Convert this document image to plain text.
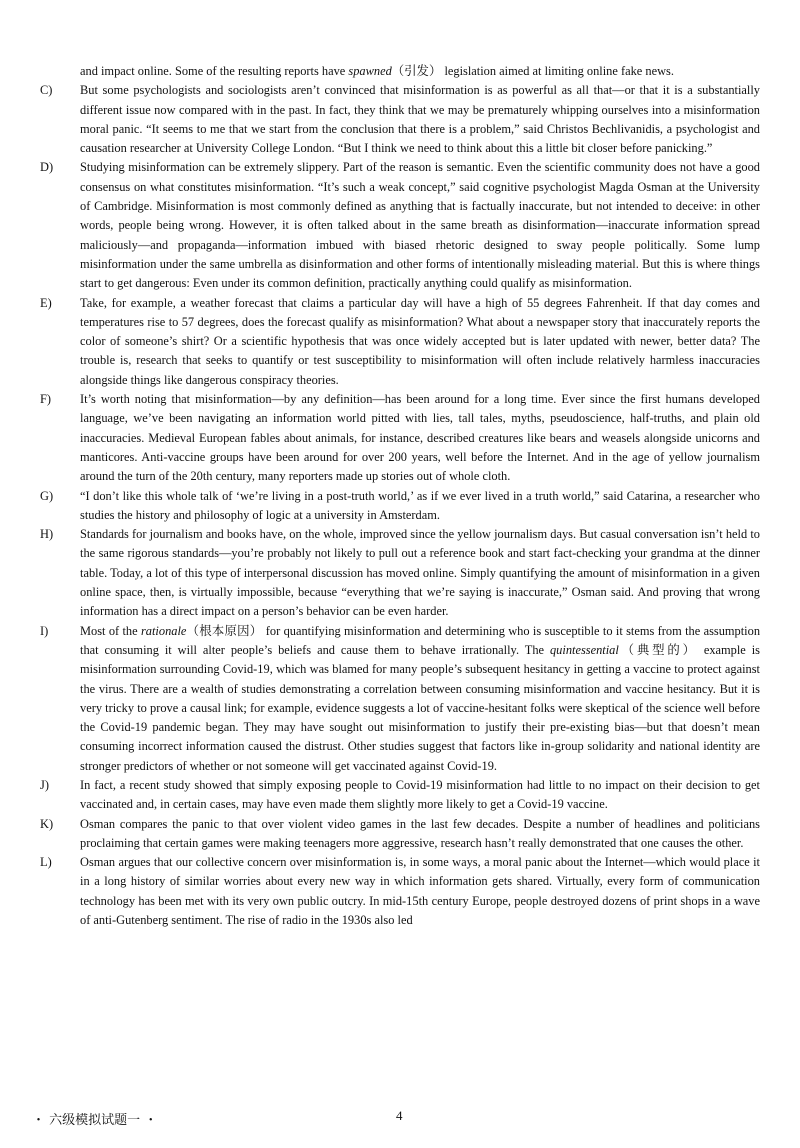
and impact online. Some of the resulting reports have spawned（引发） legislation aimed at limiting online fake news.

C)	But some psychologists and sociologists aren’t convinced that misinformation is as powerful as all that—or that it is a substantially different issue now compared with in the past. In fact, they think that we may be prematurely whipping ourselves into a misinformation moral panic. “It seems to me that we start from the conclusion that there is a problem,” said Christos Bechlivanidis, a psychologist and causation researcher at University College London. “But I think we need to think about this a little bit closer before panicking.”
D)	Studying misinformation can be extremely slippery. Part of the reason is semantic. Even the scientific community does not have a good consensus on what constitutes misinformation. “It’s such a weak concept,” said cognitive psychologist Magda Osman at the University of Cambridge. Misinformation is most commonly defined as anything that is factually inaccurate, but not intended to deceive: in other words, people being wrong. However, it is often talked about in the same breath as disinformation—inaccurate information spread maliciously—and propaganda—information imbued with biased rhetoric designed to sway people politically. Some lump misinformation under the same umbrella as disinformation and other forms of intentionally misleading material. But this is where things start to get dangerous: Even under its common definition, practically anything could qualify as misinformation.
E)	Take, for example, a weather forecast that claims a particular day will have a high of 55 degrees Fahrenheit. If that day comes and temperatures rise to 57 degrees, does the forecast qualify as misinformation? What about a newspaper story that inaccurately reports the color of someone’s shirt? Or a scientific hypothesis that was once widely accepted but is later updated with newer, better data? The trouble is, research that seeks to quantify or test susceptibility to misinformation will often include relatively harmless inaccuracies alongside things like dangerous conspiracy theories.
F)	It’s worth noting that misinformation—by any definition—has been around for a long time. Ever since the first humans developed language, we’ve been navigating an information world pitted with lies, tall tales, myths, pseudoscience, half-truths, and plain old inaccuracies. Medieval European fables about animals, for instance, described creatures like bears and weasels alongside unicorns and manticores. Anti-vaccine groups have been around for over 200 years, well before the Internet. And in the age of yellow journalism around the turn of the 20th century, many reporters made up stories out of whole cloth.
G)	“I don’t like this whole talk of ‘we’re living in a post-truth world,’ as if we ever lived in a truth world,” said Catarina, a researcher who studies the history and philosophy of logic at a university in Amsterdam.
H)	Standards for journalism and books have, on the whole, improved since the yellow journalism days. But casual conversation isn’t held to the same rigorous standards—you’re probably not likely to pull out a reference book and start fact-checking your grandma at the dinner table. Today, a lot of this type of interpersonal discussion has moved online. Simply quantifying the amount of misinformation in a given online space, then, is virtually impossible, because “everything that we’re saying is inaccurate,” Osman said. And proving that wrong information has a direct impact on a person’s behavior can be even harder.
I)	Most of the rationale（根本原因） for quantifying misinformation and determining who is susceptible to it stems from the assumption that consuming it will alter people’s beliefs and cause them to behave irrationally. The quintessential（典型的） example is misinformation surrounding Covid-19, which was blamed for many people’s subsequent hesitancy in getting a vaccine to protect against the virus. There are a wealth of studies demonstrating a correlation between consuming misinformation and vaccine hesitancy. But it is very tricky to prove a causal link; for example, evidence suggests a lot of vaccine-hesitant folks were skeptical of the science well before the Covid-19 pandemic began. They may have sought out misinformation to justify their pre-existing bias—but that doesn’t mean consuming incorrect information caused the distrust. Other studies suggest that factors like in-group solidarity and national identity are stronger predictors of whether or not someone will get vaccinated against Covid-19.
J)	In fact, a recent study showed that simply exposing people to Covid-19 misinformation had little to no impact on their decision to get vaccinated and, in certain cases, may have even made them slightly more likely to get a Covid-19 vaccine.
K)	Osman compares the panic to that over violent video games in the last few decades. Despite a number of headlines and politicians proclaiming that certain games were making teenagers more aggressive, research hasn’t really demonstrated that one causes the other.
L)	Osman argues that our collective concern over misinformation is, in some ways, a moral panic about the Internet—which would place it in a long history of similar worries about every new way in which information gets shared. Virtually, every form of communication technology has been met with its very own public outcry. In mid-15th century Europe, people destroyed dozens of print shops in a wave of anti-Gutenberg sentiment. The rise of radio in the 1930s also led
・ 六级模拟试题一 ・	4
